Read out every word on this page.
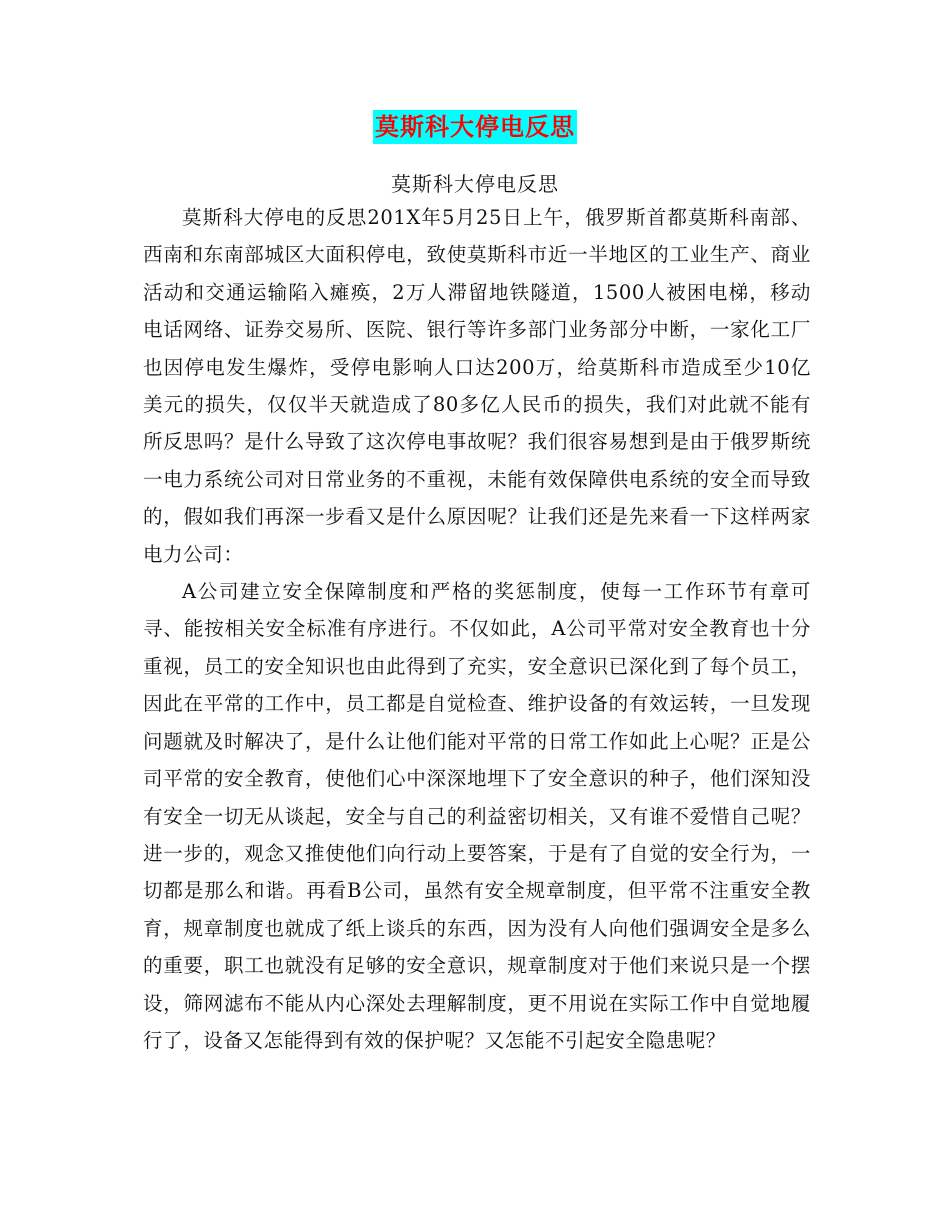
莫斯科大停电反思
莫斯科大停电反思

莫斯科大停电的反思201X年5月25日上午，俄罗斯首都莫斯科南部、西南和东南部城区大面积停电，致使莫斯科市近一半地区的工业生产、商业活动和交通运输陷入瘫痪，2万人滞留地铁隧道，1500人被困电梯，移动电话网络、证券交易所、医院、银行等许多部门业务部分中断，一家化工厂也因停电发生爆炸，受停电影响人口达200万，给莫斯科市造成至少10亿美元的损失，仅仅半天就造成了80多亿人民币的损失，我们对此就不能有所反思吗？是什么导致了这次停电事故呢？我们很容易想到是由于俄罗斯统一电力系统公司对日常业务的不重视，未能有效保障供电系统的安全而导致的，假如我们再深一步看又是什么原因呢？让我们还是先来看一下这样两家电力公司：

A公司建立安全保障制度和严格的奖惩制度，使每一工作环节有章可寻、能按相关安全标准有序进行。不仅如此，A公司平常对安全教育也十分重视，员工的安全知识也由此得到了充实，安全意识已深化到了每个员工，因此在平常的工作中，员工都是自觉检查、维护设备的有效运转，一旦发现问题就及时解决了，是什么让他们能对平常的日常工作如此上心呢？正是公司平常的安全教育，使他们心中深深地埋下了安全意识的种子，他们深知没有安全一切无从谈起，安全与自己的利益密切相关，又有谁不爱惜自己呢？进一步的，观念又推使他们向行动上要答案，于是有了自觉的安全行为，一切都是那么和谐。再看B公司，虽然有安全规章制度，但平常不注重安全教育，规章制度也就成了纸上谈兵的东西，因为没有人向他们强调安全是多么的重要，职工也就没有足够的安全意识，规章制度对于他们来说只是一个摆设，筛网滤布不能从内心深处去理解制度，更不用说在实际工作中自觉地履行了，设备又怎能得到有效的保护呢？又怎能不引起安全隐患呢？
